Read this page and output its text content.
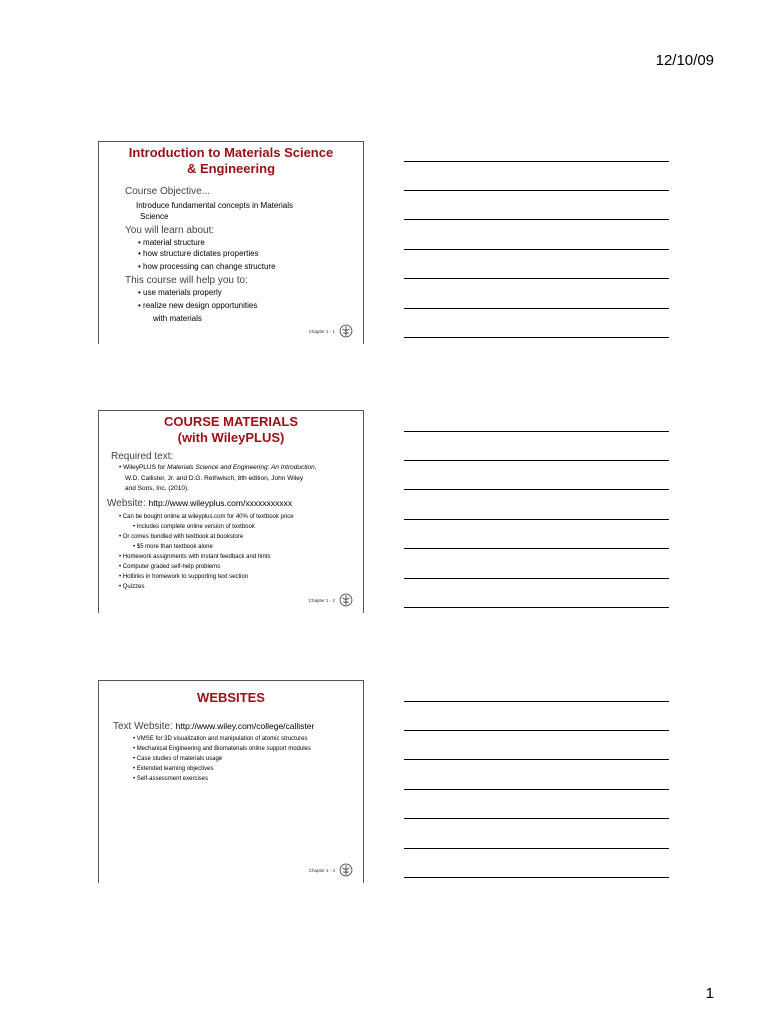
12/10/09
Introduction to Materials Science
& Engineering
Course Objective...
Introduce fundamental concepts in Materials
Science
You will learn about:
• material structure
• how structure dictates properties
• how processing can change structure
This course will help you to:
• use materials properly
• realize new design opportunities
with materials
Chapter 1 - 1
COURSE MATERIALS
(with WileyPLUS)
Required text:
• WileyPLUS for Materials Science and Engineering: An Introduction,
W.D. Callister, Jr. and D.G. Rethwisch, 8th edition, John Wiley
and Sons, Inc. (2010).
Website: http://www.wileyplus.com/xxxxxxxxxxx
• Can be bought online at wileyplus.com for 40% of textbook price
• Includes complete online version of textbook
• Or comes bundled with textbook at bookstore
• $5 more than textbook alone
• Homework assignments with instant feedback and hints
• Computer graded self-help problems
• Hotlinks in homework to supporting text section
• Quizzes
Chapter 1 - 2
WEBSITES
Text Website: http://www.wiley.com/college/callister
• VMSE for 3D visualization and manipulation of atomic structures
• Mechanical Engineering and Biomaterials online support modules
• Case studies of materials usage
• Extended learning objectives
• Self-assessment exercises
Chapter 1 - 3
1
